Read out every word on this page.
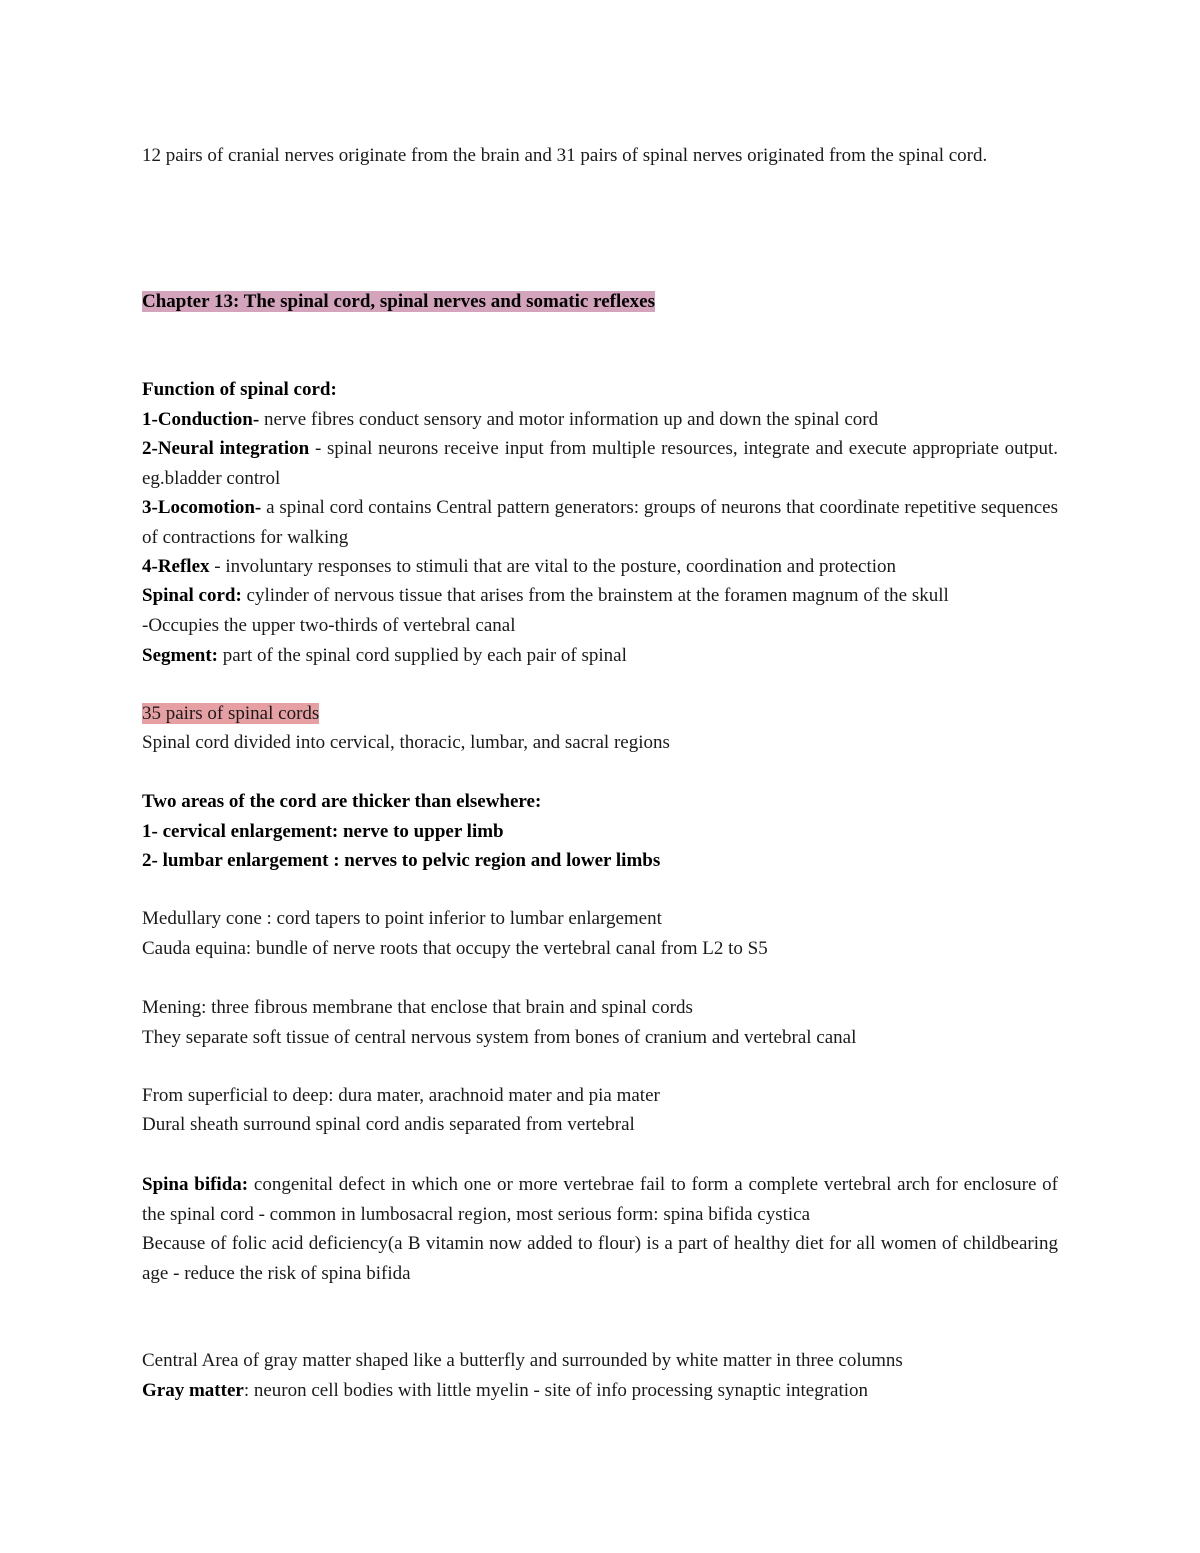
12 pairs of cranial nerves originate from the brain and 31 pairs of spinal nerves originated from the spinal cord.

Chapter 13: The spinal cord, spinal nerves and somatic reflexes

Function of spinal cord:

1-Conduction- nerve fibres conduct sensory and motor information up and down the spinal cord

2-Neural integration - spinal neurons receive input from multiple resources, integrate and execute appropriate output. eg.bladder control

3-Locomotion- a spinal cord contains Central pattern generators: groups of neurons that coordinate repetitive sequences of contractions for walking

4-Reflex - involuntary responses to stimuli that are vital to the posture, coordination and protection

Spinal cord: cylinder of nervous tissue that arises from the brainstem at the foramen magnum of the skull

-Occupies the upper two-thirds of vertebral canal

Segment: part of the spinal cord supplied by each pair of spinal

35 pairs of spinal cords

Spinal cord divided into cervical, thoracic, lumbar, and sacral regions

Two areas of the cord are thicker than elsewhere:

1- cervical enlargement: nerve to upper limb

2- lumbar enlargement : nerves to pelvic region and lower limbs

Medullary cone : cord tapers to point inferior to lumbar enlargement

Cauda equina: bundle of nerve roots that occupy the vertebral canal from L2 to S5

Mening: three fibrous membrane that enclose that brain and spinal cords

They separate soft tissue of central nervous system from bones of cranium and vertebral canal

From superficial to deep: dura mater, arachnoid mater and pia mater

Dural sheath surround spinal cord andis separated from vertebral

Spina bifida: congenital defect in which one or more vertebrae fail to form a complete vertebral arch for enclosure of the spinal cord - common in lumbosacral region, most serious form: spina bifida cystica

Because of folic acid deficiency(a B vitamin now added to flour) is a part of healthy diet for all women of childbearing age - reduce the risk of spina bifida

Central Area of gray matter shaped like a butterfly and surrounded by white matter in three columns

Gray matter: neuron cell bodies with little myelin - site of info processing synaptic integration
